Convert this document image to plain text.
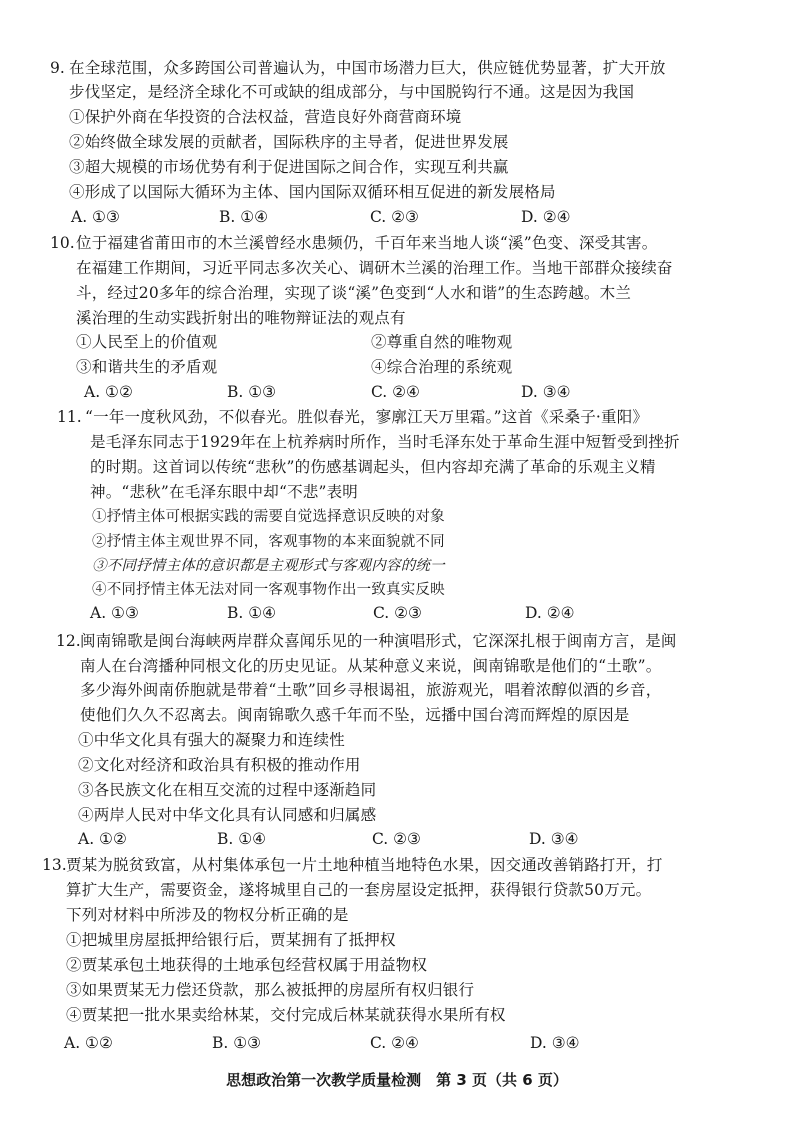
9. 在全球范围，众多跨国公司普遍认为，中国市场潜力巨大，供应链优势显著，扩大开放
步伐坚定，是经济全球化不可或缺的组成部分，与中国脱钩行不通。这是因为我国
①保护外商在华投资的合法权益，营造良好外商营商环境
②始终做全球发展的贡献者，国际秩序的主导者，促进世界发展
③超大规模的市场优势有利于促进国际之间合作，实现互利共赢
④形成了以国际大循环为主体、国内国际双循环相互促进的新发展格局
A. ①③	B. ①④	C. ②③	D. ②④
10. 位于福建省莆田市的木兰溪曾经水患频仍，千百年来当地人谈“溪”色变、深受其害。
在福建工作期间，习近平同志多次关心、调研木兰溪的治理工作。当地干部群众接续奋
斗，经过20多年的综合治理，实现了谈“溪”色变到“人水和谐”的生态跨越。木兰
溪治理的生动实践折射出的唯物辩证法的观点有
①人民至上的价值观	②尊重自然的唯物观
③和谐共生的矛盾观	④综合治理的系统观
A. ①②	B. ①③	C. ②④	D. ③④
11. “一年一度秋风劲，不似春光。胜似春光，寥廓江天万里霜。”这首《采桑子·重阳》
是毛泽东同志于1929年在上杭养病时所作，当时毛泽东处于革命生涯中短暂受到挫折
的时期。这首词以传统“悲秋”的伤感基调起头，但内容却充满了革命的乐观主义精
神。“悲秋”在毛泽东眼中却“不悲”表明
①抒情主体可根据实践的需要自觉选择意识反映的对象
②抒情主体主观世界不同，客观事物的本来面貌就不同
③不同抒情主体的意识都是主观形式与客观内容的统一
④不同抒情主体无法对同一客观事物作出一致真实反映
A. ①③	B. ①④	C. ②③	D. ②④
12. 闽南锦歌是闽台海峡两岸群众喜闻乐见的一种演唱形式，它深深扎根于闽南方言，是闽
南人在台湾播种同根文化的历史见证。从某种意义来说，闽南锦歌是他们的“土歌”。
多少海外闽南侨胞就是带着“土歌”回乡寻根谒祖，旅游观光，唱着浓醇似酒的乡音，
使他们久久不忍离去。闽南锦歌久惑千年而不坠，远播中国台湾而辉煌的原因是
①中华文化具有强大的凝聚力和连续性
②文化对经济和政治具有积极的推动作用
③各民族文化在相互交流的过程中逐渐趋同
④两岸人民对中华文化具有认同感和归属感
A. ①②	B. ①④	C. ②③	D. ③④
13. 贾某为脱贫致富，从村集体承包一片土地种植当地特色水果，因交通改善销路打开，打
算扩大生产，需要资金，遂将城里自己的一套房屋设定抵押，获得银行贷款50万元。
下列对材料中所涉及的物权分析正确的是
①把城里房屋抵押给银行后，贾某拥有了抵押权
②贾某承包土地获得的土地承包经营权属于用益物权
③如果贾某无力偿还贷款，那么被抵押的房屋所有权归银行
④贾某把一批水果卖给林某，交付完成后林某就获得水果所有权
A. ①②	B. ①③	C. ②④	D. ③④
思想政治第一次教学质量检测　第 3 页（共 6 页）
